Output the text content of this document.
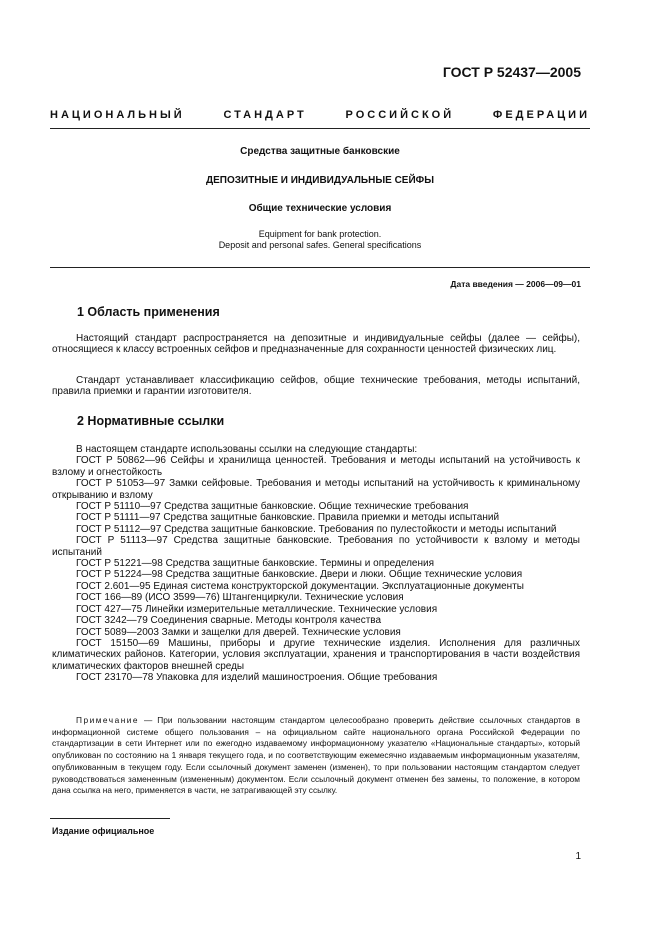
ГОСТ Р 52437—2005
НАЦИОНАЛЬНЫЙ СТАНДАРТ РОССИЙСКОЙ ФЕДЕРАЦИИ
Средства защитные банковские
ДЕПОЗИТНЫЕ И ИНДИВИДУАЛЬНЫЕ СЕЙФЫ
Общие технические условия
Equipment for bank protection.
Deposit and personal safes. General specifications
Дата введения — 2006—09—01
1 Область применения
Настоящий стандарт распространяется на депозитные и индивидуальные сейфы (далее — сейфы), относящиеся к классу встроенных сейфов и предназначенные для сохранности ценностей физических лиц.
Стандарт устанавливает классификацию сейфов, общие технические требования, методы испытаний, правила приемки и гарантии изготовителя.
2 Нормативные ссылки

В настоящем стандарте использованы ссылки на следующие стандарты:

ГОСТ Р 50862—96 Сейфы и хранилища ценностей. Требования и методы испытаний на устойчивость к взлому и огнестойкость

ГОСТ Р 51053—97 Замки сейфовые. Требования и методы испытаний на устойчивость к криминальному открыванию и взлому

ГОСТ Р 51110—97 Средства защитные банковские. Общие технические требования

ГОСТ Р 51111—97 Средства защитные банковские. Правила приемки и методы испытаний

ГОСТ Р 51112—97 Средства защитные банковские. Требования по пулестойкости и методы испытаний

ГОСТ Р 51113—97 Средства защитные банковские. Требования по устойчивости к взлому и методы испытаний

ГОСТ Р 51221—98 Средства защитные банковские. Термины и определения

ГОСТ Р 51224—98 Средства защитные банковские. Двери и люки. Общие технические условия

ГОСТ 2.601—95 Единая система конструкторской документации. Эксплуатационные документы

ГОСТ 166—89 (ИСО 3599—76) Штангенциркули. Технические условия

ГОСТ 427—75 Линейки измерительные металлические. Технические условия

ГОСТ 3242—79 Соединения сварные. Методы контроля качества

ГОСТ 5089—2003 Замки и защелки для дверей. Технические условия

ГОСТ 15150—69 Машины, приборы и другие технические изделия. Исполнения для различных климатических районов. Категории, условия эксплуатации, хранения и транспортирования в части воздействия климатических факторов внешней среды

ГОСТ 23170—78 Упаковка для изделий машиностроения. Общие требования

Примечание — При пользовании настоящим стандартом целесообразно проверить действие ссылочных стандартов в информационной системе общего пользования – на официальном сайте национального органа Российской Федерации по стандартизации в сети Интернет или по ежегодно издаваемому информационному указателю «Национальные стандарты», который опубликован по состоянию на 1 января текущего года, и по соответствующим ежемесячно издаваемым информационным указателям, опубликованным в текущем году. Если ссылочный документ заменен (изменен), то при пользовании настоящим стандартом следует руководствоваться замененным (измененным) документом. Если ссылочный документ отменен без замены, то положение, в котором дана ссылка на него, применяется в части, не затрагивающей эту ссылку.
Издание официальное
1
